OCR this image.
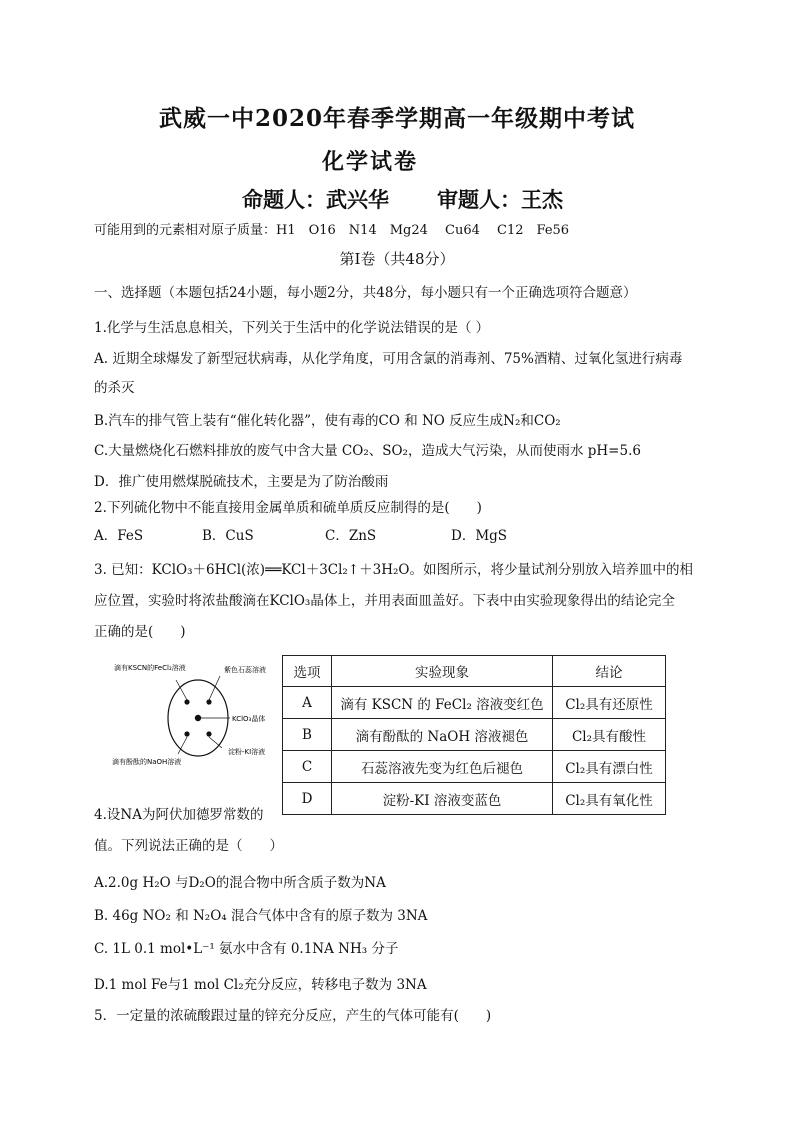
武威一中2020年春季学期高一年级期中考试
化学试卷
命题人：武兴华 审题人：王杰
可能用到的元素相对原子质量：H1　O16　N14　Mg24　 Cu64　 C12　Fe56
第Ⅰ卷（共48分）
一、选择题（本题包括24小题，每小题2分，共48分，每小题只有一个正确选项符合题意）
1.化学与生活息息相关，下列关于生活中的化学说法错误的是（ ）
A. 近期全球爆发了新型冠状病毒，从化学角度，可用含氯的消毒剂、75%酒精、过氧化氢进行病毒
的杀灭
B.汽车的排气管上装有“催化转化器”，使有毒的CO 和 NO 反应生成N₂和CO₂
C.大量燃烧化石燃料排放的废气中含大量 CO₂、SO₂，造成大气污染，从而使雨水 pH=5.6
D．推广使用燃煤脱硫技术，主要是为了防治酸雨
2.下列硫化物中不能直接用金属单质和硫单质反应制得的是(　　)
A．FeS	B．CuS	C．ZnS	D．MgS
3. 已知：KClO₃＋6HCl(浓)══KCl＋3Cl₂↑＋3H₂O。如图所示，将少量试剂分别放入培养皿中的相
应位置，实验时将浓盐酸滴在KClO₃晶体上，并用表面皿盖好。下表中由实验现象得出的结论完全
正确的是(　　)
滴有KSCN的FeCl₂溶液	紫色石蕊溶液
KClO₃晶体
滴有酚酞的NaOH溶液
淀粉-KI溶液
选项	实验现象	结论
A	滴有 KSCN 的 FeCl₂ 溶液变红色	Cl₂具有还原性
B	滴有酚酞的 NaOH 溶液褪色	Cl₂具有酸性
C	石蕊溶液先变为红色后褪色	Cl₂具有漂白性
D	淀粉-KI 溶液变蓝色	Cl₂具有氧化性
4.设NA为阿伏加德罗常数的
值。下列说法正确的是（　　）
A.2.0g H₂O 与D₂O的混合物中所含质子数为NA
B. 46g NO₂ 和 N₂O₄ 混合气体中含有的原子数为 3NA
C. 1L 0.1 mol•L⁻¹ 氨水中含有 0.1NA NH₃ 分子
D.1 mol Fe与1 mol Cl₂充分反应，转移电子数为 3NA
5．一定量的浓硫酸跟过量的锌充分反应，产生的气体可能有(　　)
